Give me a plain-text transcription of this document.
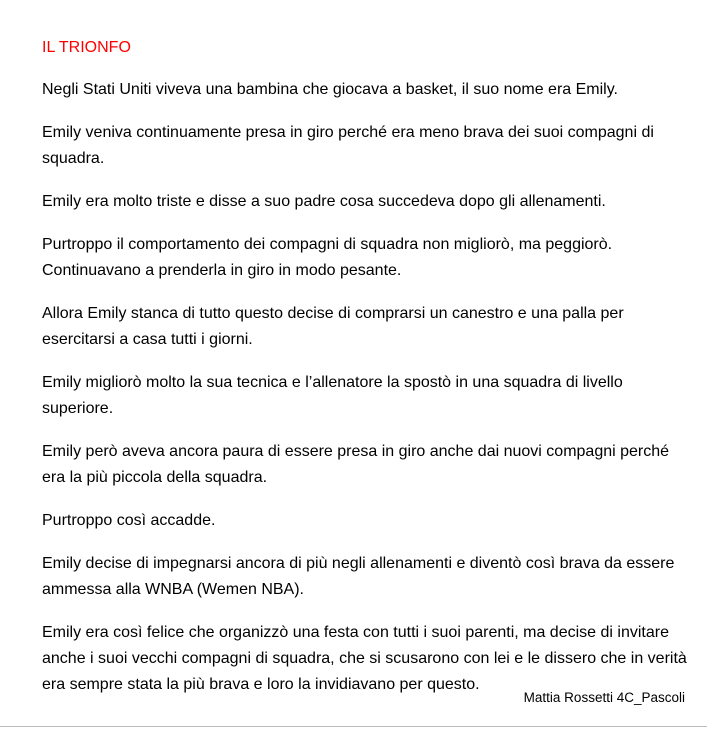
IL TRIONFO

Negli Stati Uniti viveva una bambina che giocava a basket, il suo nome era Emily.

Emily veniva continuamente presa in giro perché era meno brava dei suoi compagni di squadra.

Emily era molto triste e disse a suo padre cosa succedeva dopo gli allenamenti.

Purtroppo il comportamento dei compagni di squadra non migliorò, ma peggiorò. Continuavano a prenderla in giro in modo pesante.

Allora Emily stanca di tutto questo decise di comprarsi un canestro e una palla per esercitarsi a casa tutti i giorni.

Emily migliorò molto la sua tecnica e l’allenatore la spostò in una squadra di livello superiore.

Emily però aveva ancora paura di essere presa in giro anche dai nuovi compagni perché era la più piccola della squadra.

Purtroppo così accadde.

Emily decise di impegnarsi ancora di più negli allenamenti e diventò così brava da essere ammessa alla WNBA (Wemen NBA).

Emily era così felice che organizzò una festa con tutti i suoi parenti, ma decise di invitare anche i suoi vecchi compagni di squadra, che si scusarono con lei e le dissero che in verità era sempre stata la più brava e loro la invidiavano per questo.

Mattia Rossetti 4C_Pascoli
